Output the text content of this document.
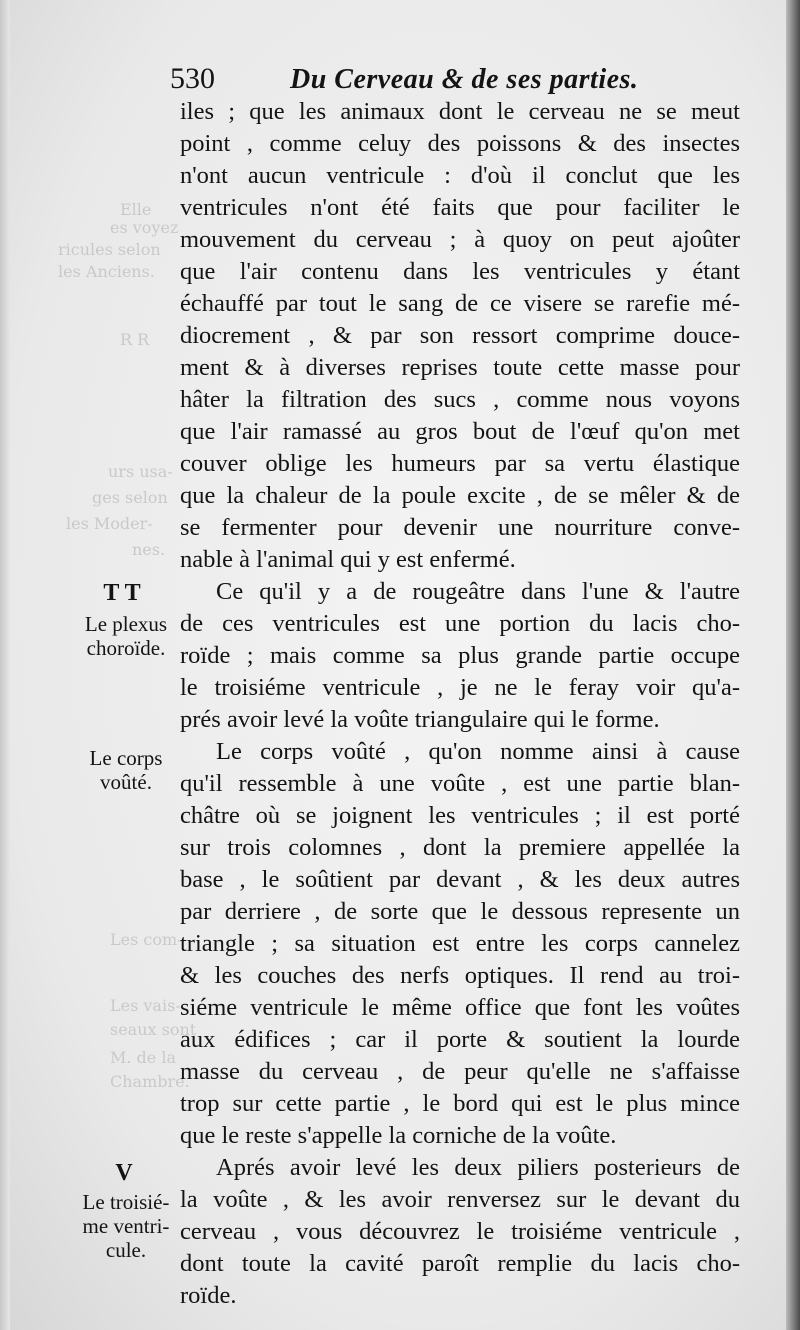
Elle
es voyez
ricules selon
les Anciens.
R R
urs usa-
ges selon
les Moder-
nes.
Les com-
Les vais-
seaux sont
M. de la
Chambre.
530	Du Cerveau & de ses parties.
iles ; que les animaux dont le cerveau ne se meut
point , comme celuy des poissons & des insectes
n'ont aucun ventricule : d'où il conclut que les
ventricules n'ont été faits que pour faciliter le
mouvement du cerveau ; à quoy on peut ajoûter
que l'air contenu dans les ventricules y étant
échauffé par tout le sang de ce visere se rarefie mé-
diocrement , & par son ressort comprime douce-
ment & à diverses reprises toute cette masse pour
hâter la filtration des sucs , comme nous voyons
que l'air ramassé au gros bout de l'œuf qu'on met
couver oblige les humeurs par sa vertu élastique
que la chaleur de la poule excite , de se mêler & de
se fermenter pour devenir une nourriture conve-
nable à l'animal qui y est enfermé.
Ce qu'il y a de rougeâtre dans l'une & l'autre
de ces ventricules est une portion du lacis cho-
roïde ; mais comme sa plus grande partie occupe
le troisiéme ventricule , je ne le feray voir qu'a-
prés avoir levé la voûte triangulaire qui le forme.
Le corps voûté , qu'on nomme ainsi à cause
qu'il ressemble à une voûte , est une partie blan-
châtre où se joignent les ventricules ; il est porté
sur trois colomnes , dont la premiere appellée la
base , le soûtient par devant , & les deux autres
par derriere , de sorte que le dessous represente un
triangle ; sa situation est entre les corps cannelez
& les couches des nerfs optiques. Il rend au troi-
siéme ventricule le même office que font les voûtes
aux édifices ; car il porte & soutient la lourde
masse du cerveau , de peur qu'elle ne s'affaisse
trop sur cette partie , le bord qui est le plus mince
que le reste s'appelle la corniche de la voûte.
Aprés avoir levé les deux piliers posterieurs de
la voûte , & les avoir renversez sur le devant du
cerveau , vous découvrez le troisiéme ventricule ,
dont toute la cavité paroît remplie du lacis cho-
roïde.
T T
Le plexus
choroïde.
Le corps
voûté.
V
Le troisié-
me ventri-
cule.
